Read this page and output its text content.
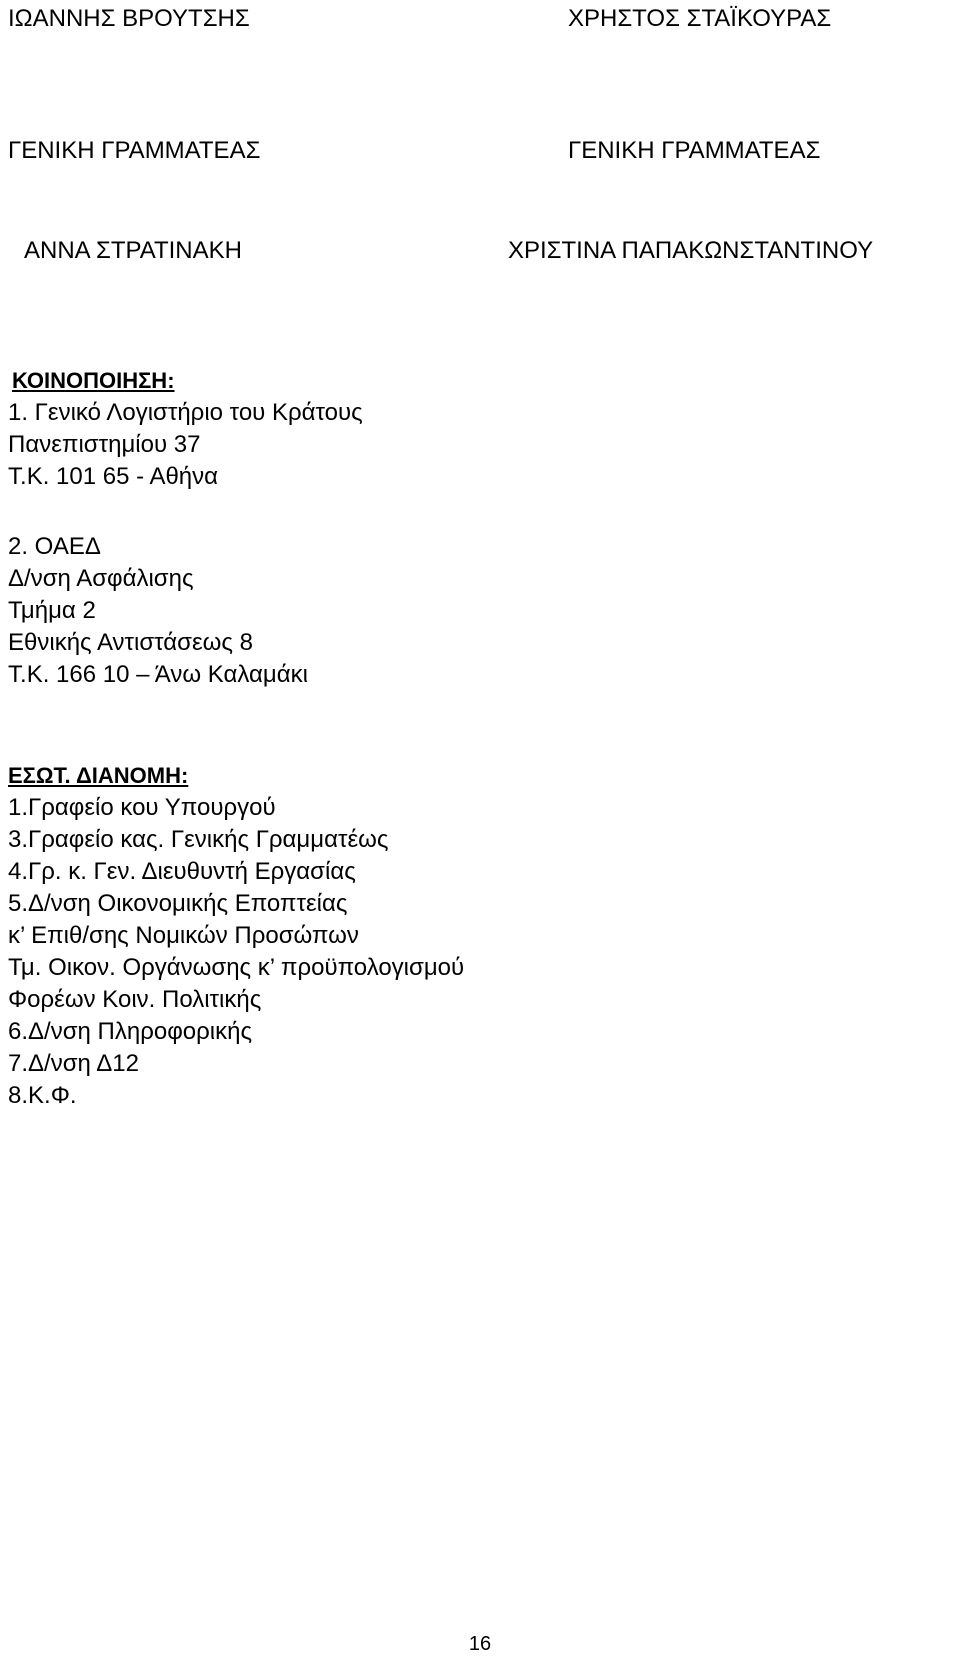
ΙΩΑΝΝΗΣ ΒΡΟΥΤΣΗΣ	ΧΡΗΣΤΟΣ ΣΤΑΪΚΟΥΡΑΣ
ΓΕΝΙΚΗ ΓΡΑΜΜΑΤΕΑΣ	ΓΕΝΙΚΗ ΓΡΑΜΜΑΤΕΑΣ
ΑΝΝΑ ΣΤΡΑΤΙΝΑΚΗ	ΧΡΙΣΤΙΝΑ ΠΑΠΑΚΩΝΣΤΑΝΤΙΝΟΥ
ΚΟΙΝΟΠΟΙΗΣΗ:
1. Γενικό Λογιστήριο του Κράτους
Πανεπιστημίου 37
Τ.Κ. 101 65 - Αθήνα
2. ΟΑΕΔ
Δ/νση Ασφάλισης
Τμήμα 2
Εθνικής Αντιστάσεως 8
Τ.Κ. 166 10 – Άνω Καλαμάκι
ΕΣΩΤ. ΔΙΑΝΟΜΗ:
1.Γραφείο κου Υπουργού
3.Γραφείο κας. Γενικής Γραμματέως
4.Γρ. κ. Γεν. Διευθυντή Εργασίας
5.Δ/νση Οικονομικής Εποπτείας
κ’ Επιθ/σης Νομικών Προσώπων
Τμ. Οικον. Οργάνωσης κ’ προϋπολογισμού
Φορέων Κοιν. Πολιτικής
6.Δ/νση Πληροφορικής
7.Δ/νση Δ12
8.Κ.Φ.
16
